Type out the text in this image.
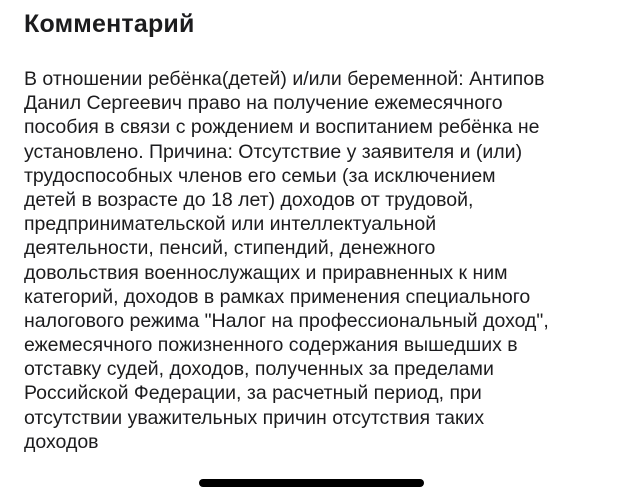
Комментарий
В отношении ребёнка(детей) и/или беременной: Антипов
Данил Сергеевич право на получение ежемесячного
пособия в связи с рождением и воспитанием ребёнка не
установлено. Причина: Отсутствие у заявителя и (или)
трудоспособных членов его семьи (за исключением
детей в возрасте до 18 лет) доходов от трудовой,
предпринимательской или интеллектуальной
деятельности, пенсий, стипендий, денежного
довольствия военнослужащих и приравненных к ним
категорий, доходов в рамках применения специального
налогового режима "Налог на профессиональный доход",
ежемесячного пожизненного содержания вышедших в
отставку судей, доходов, полученных за пределами
Российской Федерации, за расчетный период, при
отсутствии уважительных причин отсутствия таких
доходов
